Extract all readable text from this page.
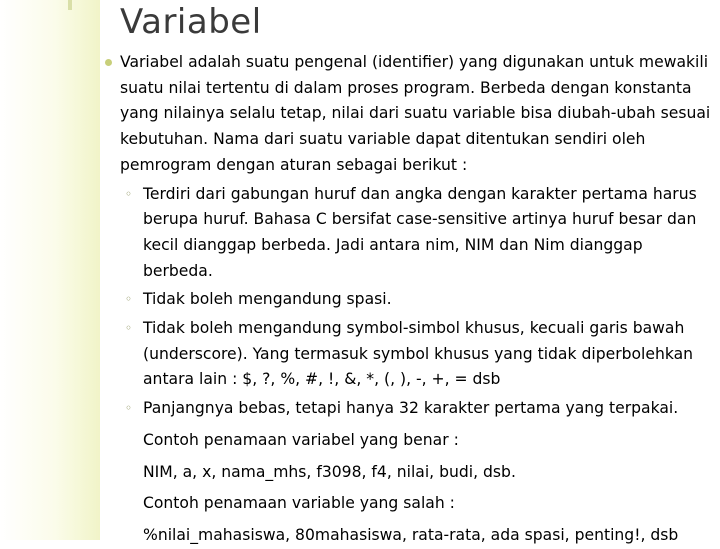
Variabel

Variabel adalah suatu pengenal (identifier) yang digunakan untuk mewakili suatu nilai tertentu di dalam proses program. Berbeda dengan konstanta yang nilainya selalu tetap, nilai dari suatu variable bisa diubah-ubah sesuai kebutuhan. Nama dari suatu variable dapat ditentukan sendiri oleh pemrogram dengan aturan sebagai berikut :

◦ Terdiri dari gabungan huruf dan angka dengan karakter pertama harus berupa huruf. Bahasa C bersifat case-sensitive artinya huruf besar dan kecil dianggap berbeda. Jadi antara nim, NIM dan Nim dianggap berbeda.
◦ Tidak boleh mengandung spasi.
◦ Tidak boleh mengandung symbol-simbol khusus, kecuali garis bawah (underscore). Yang termasuk symbol khusus yang tidak diperbolehkan antara lain : $, ?, %, #, !, &, *, (, ), -, +, = dsb
◦ Panjangnya bebas, tetapi hanya 32 karakter pertama yang terpakai.
Contoh penamaan variabel yang benar :
NIM, a, x, nama_mhs, f3098, f4, nilai, budi, dsb.
Contoh penamaan variable yang salah :
%nilai_mahasiswa, 80mahasiswa, rata-rata, ada spasi, penting!, dsb
